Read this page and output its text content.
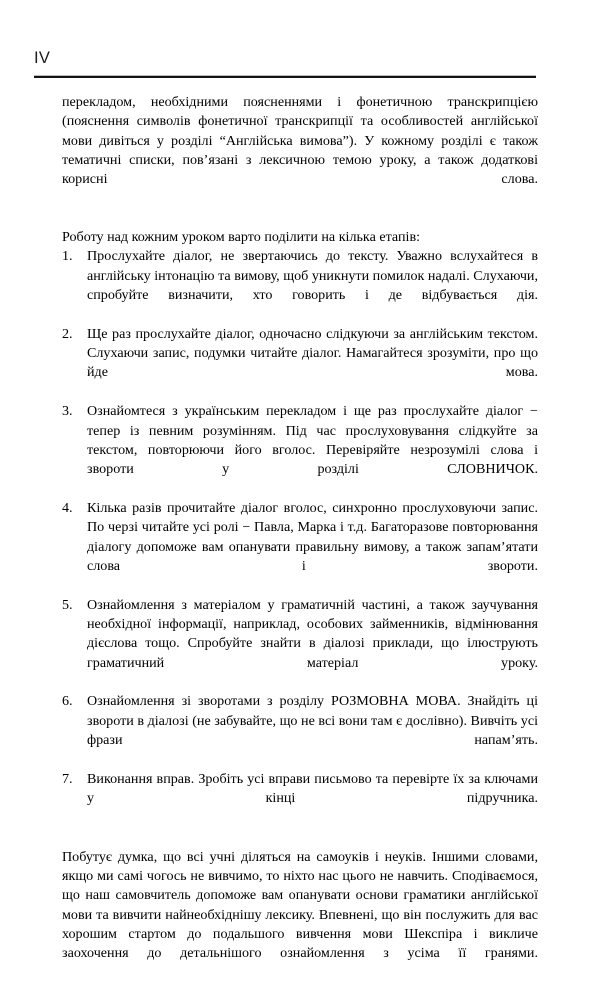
IV

перекладом, необхідними поясненнями і фонетичною транскрипцією (пояснення символів фонетичної транскрипції та особливостей англійської мови дивіться у розділі “Англійська вимова”). У кожному розділі є також тематичні списки, пов’язані з лексичною темою уроку, а також додаткові корисні слова.

Роботу над кожним уроком варто поділити на кілька етапів:

1.	Прослухайте діалог, не звертаючись до тексту. Уважно вслухайтеся в англійську інтонацію та вимову, щоб уникнути помилок надалі. Слухаючи, спробуйте визначити, хто говорить і де відбувається дія.
2.	Ще раз прослухайте діалог, одночасно слідкуючи за англійським текстом. Слухаючи запис, подумки читайте діалог. Намагайтеся зрозуміти, про що йде мова.
3.	Ознайомтеся з українським перекладом і ще раз прослухайте діалог − тепер із певним розумінням. Під час прослуховування слідкуйте за текстом, повторюючи його вголос. Перевіряйте незрозумілі слова і звороти у розділі СЛОВНИЧОК.
4.	Кілька разів прочитайте діалог вголос, синхронно прослуховуючи запис. По черзі читайте усі ролі − Павла, Марка і т.д. Багаторазове повторювання діалогу допоможе вам опанувати правильну вимову, а також запам’ятати слова і звороти.
5.	Ознайомлення з матеріалом у граматичній частині, а також заучування необхідної інформації, наприклад, особових займенників, відмінювання дієслова тощо. Спробуйте знайти в діалозі приклади, що ілюструють граматичний матеріал уроку.
6.	Ознайомлення зі зворотами з розділу РОЗМОВНА МОВА. Знайдіть ці звороти в діалозі (не забувайте, що не всі вони там є дослівно). Вивчіть усі фрази напам’ять.
7.	Виконання вправ. Зробіть усі вправи письмово та перевірте їх за ключами у кінці підручника.

Побутує думка, що всі учні діляться на самоуків і неуків. Іншими словами, якщо ми самі чогось не вивчимо, то ніхто нас цього не навчить. Сподіваємося, що наш самовчитель допоможе вам опанувати основи граматики англійської мови та вивчити найнеобхіднішу лексику. Впевнені, що він послужить для вас хорошим стартом до подальшого вивчення мови Шекспіра і викличе заохочення до детальнішого ознайомлення з усіма її гранями.
